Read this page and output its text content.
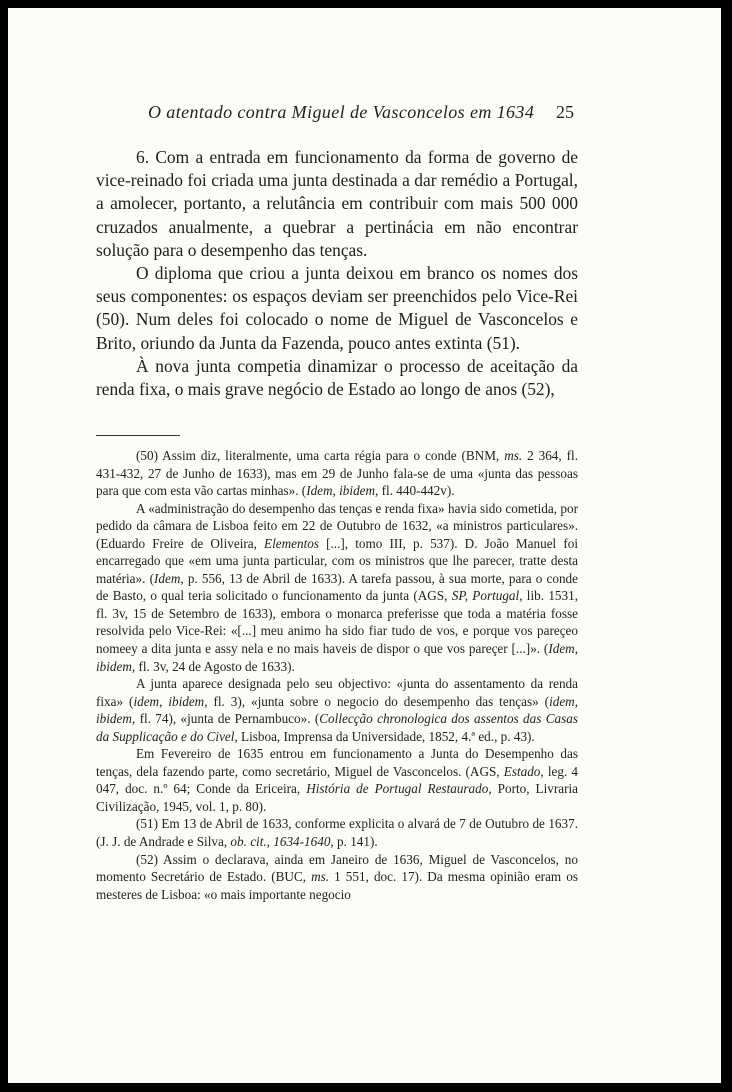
O atentado contra Miguel de Vasconcelos em 1634 25

6. Com a entrada em funcionamento da forma de governo de vice-reinado foi criada uma junta destinada a dar remédio a Portugal, a amolecer, portanto, a relutância em contribuir com mais 500 000 cruzados anualmente, a quebrar a pertinácia em não encontrar solução para o desempenho das tenças.

O diploma que criou a junta deixou em branco os nomes dos seus componentes: os espaços deviam ser preenchidos pelo Vice-Rei (50). Num deles foi colocado o nome de Miguel de Vasconcelos e Brito, oriundo da Junta da Fazenda, pouco antes extinta (51).

À nova junta competia dinamizar o processo de aceitação da renda fixa, o mais grave negócio de Estado ao longo de anos (52),

(50) Assim diz, literalmente, uma carta régia para o conde (BNM, ms. 2 364, fl. 431-432, 27 de Junho de 1633), mas em 29 de Junho fala-se de uma «junta das pessoas para que com esta vão cartas minhas». (Idem, ibidem, fl. 440-442v).

A «administração do desempenho das tenças e renda fixa» havia sido cometida, por pedido da câmara de Lisboa feito em 22 de Outubro de 1632, «a ministros particulares». (Eduardo Freire de Oliveira, Elementos [...], tomo III, p. 537). D. João Manuel foi encarregado que «em uma junta particular, com os ministros que lhe parecer, tratte desta matéria». (Idem, p. 556, 13 de Abril de 1633). A tarefa passou, à sua morte, para o conde de Basto, o qual teria solicitado o funcionamento da junta (AGS, SP, Portugal, lib. 1531, fl. 3v, 15 de Setembro de 1633), embora o monarca preferisse que toda a matéria fosse resolvida pelo Vice-Rei: «[...] meu animo ha sido fiar tudo de vos, e porque vos pareçeo nomeey a dita junta e assy nela e no mais haveis de dispor o que vos pareçer [...]». (Idem, ibidem, fl. 3v, 24 de Agosto de 1633).

A junta aparece designada pelo seu objectivo: «junta do assentamento da renda fixa» (idem, ibidem, fl. 3), «junta sobre o negocio do desempenho das tenças» (idem, ibidem, fl. 74), «junta de Pernambuco». (Collecção chronologica dos assentos das Casas da Supplicação e do Civel, Lisboa, Imprensa da Universidade, 1852, 4.ª ed., p. 43).

Em Fevereiro de 1635 entrou em funcionamento a Junta do Desempenho das tenças, dela fazendo parte, como secretário, Miguel de Vasconcelos. (AGS, Estado, leg. 4 047, doc. n.º 64; Conde da Ericeira, História de Portugal Restaurado, Porto, Livraria Civilização, 1945, vol. 1, p. 80).

(51) Em 13 de Abril de 1633, conforme explicita o alvará de 7 de Outubro de 1637. (J. J. de Andrade e Silva, ob. cit., 1634-1640, p. 141).

(52) Assim o declarava, ainda em Janeiro de 1636, Miguel de Vasconcelos, no momento Secretário de Estado. (BUC, ms. 1 551, doc. 17). Da mesma opinião eram os mesteres de Lisboa: «o mais importante negocio
